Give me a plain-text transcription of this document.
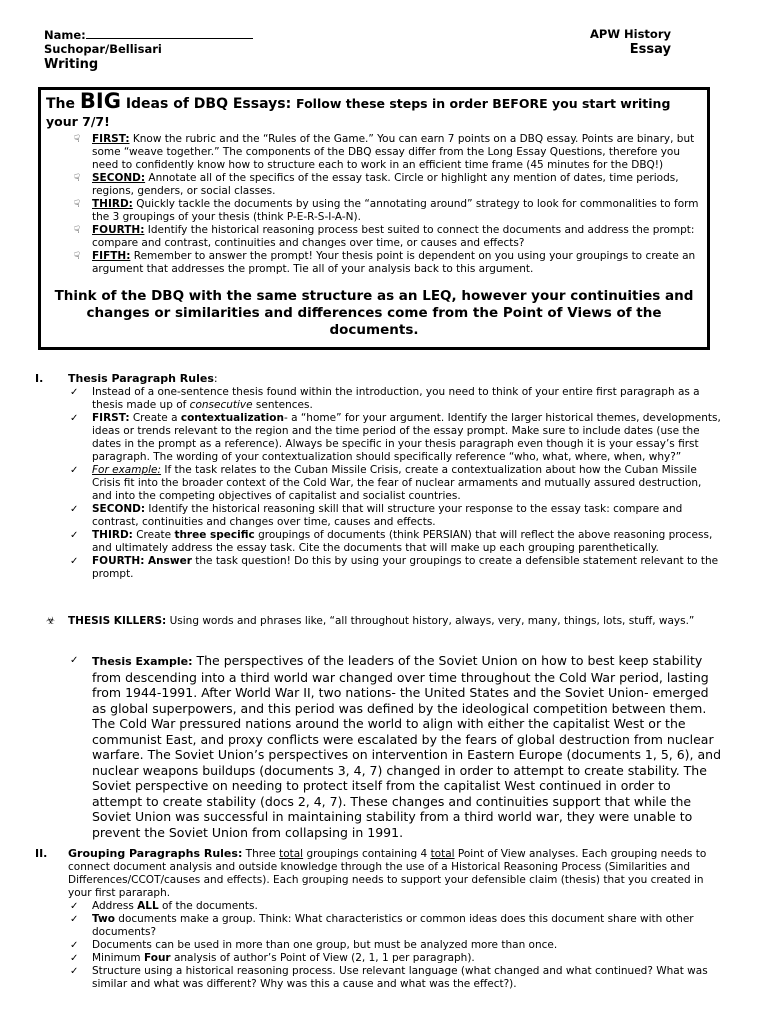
Name:
Suchopar/Bellisari
Writing
APW History
Essay
The BIG Ideas of DBQ Essays: Follow these steps in order BEFORE you start writing your 7/7!
☟ FIRST: Know the rubric and the “Rules of the Game.” You can earn 7 points on a DBQ essay. Points are binary, but some “weave together.” The components of the DBQ essay differ from the Long Essay Questions, therefore you need to confidently know how to structure each to work in an efficient time frame (45 minutes for the DBQ!)
☟ SECOND: Annotate all of the specifics of the essay task. Circle or highlight any mention of dates, time periods, regions, genders, or social classes.
☟ THIRD: Quickly tackle the documents by using the “annotating around” strategy to look for commonalities to form the 3 groupings of your thesis (think P-E-R-S-I-A-N).
☟ FOURTH: Identify the historical reasoning process best suited to connect the documents and address the prompt: compare and contrast, continuities and changes over time, or causes and effects?
☟ FIFTH: Remember to answer the prompt! Your thesis point is dependent on you using your groupings to create an argument that addresses the prompt. Tie all of your analysis back to this argument.
Think of the DBQ with the same structure as an LEQ, however your continuities and changes or similarities and differences come from the Point of Views of the documents.
I. Thesis Paragraph Rules:
✓ Instead of a one-sentence thesis found within the introduction, you need to think of your entire first paragraph as a thesis made up of consecutive sentences.
✓ FIRST: Create a contextualization- a “home” for your argument. Identify the larger historical themes, developments, ideas or trends relevant to the region and the time period of the essay prompt. Make sure to include dates (use the dates in the prompt as a reference). Always be specific in your thesis paragraph even though it is your essay’s first paragraph. The wording of your contextualization should specifically reference “who, what, where, when, why?”
✓ For example: If the task relates to the Cuban Missile Crisis, create a contextualization about how the Cuban Missile Crisis fit into the broader context of the Cold War, the fear of nuclear armaments and mutually assured destruction, and into the competing objectives of capitalist and socialist countries.
✓ SECOND: Identify the historical reasoning skill that will structure your response to the essay task: compare and contrast, continuities and changes over time, causes and effects.
✓ THIRD: Create three specific groupings of documents (think PERSIAN) that will reflect the above reasoning process, and ultimately address the essay task. Cite the documents that will make up each grouping parenthetically.
✓ FOURTH: Answer the task question! Do this by using your groupings to create a defensible statement relevant to the prompt.
☣	THESIS KILLERS: Using words and phrases like, “all throughout history, always, very, many, things, lots, stuff, ways.”
✓ Thesis Example: The perspectives of the leaders of the Soviet Union on how to best keep stability from descending into a third world war changed over time throughout the Cold War period, lasting from 1944-1991. After World War II, two nations- the United States and the Soviet Union- emerged as global superpowers, and this period was defined by the ideological competition between them. The Cold War pressured nations around the world to align with either the capitalist West or the communist East, and proxy conflicts were escalated by the fears of global destruction from nuclear warfare. The Soviet Union’s perspectives on intervention in Eastern Europe (documents 1, 5, 6), and nuclear weapons buildups (documents 3, 4, 7) changed in order to attempt to create stability. The Soviet perspective on needing to protect itself from the capitalist West continued in order to attempt to create stability (docs 2, 4, 7). These changes and continuities support that while the Soviet Union was successful in maintaining stability from a third world war, they were unable to prevent the Soviet Union from collapsing in 1991.
II. Grouping Paragraphs Rules: Three total groupings containing 4 total Point of View analyses. Each grouping needs to connect document analysis and outside knowledge through the use of a Historical Reasoning Process (Similarities and Differences/CCOT/causes and effects). Each grouping needs to support your defensible claim (thesis) that you created in your first pararaph.
✓ Address ALL of the documents.
✓ Two documents make a group. Think: What characteristics or common ideas does this document share with other documents?
✓ Documents can be used in more than one group, but must be analyzed more than once.
✓ Minimum Four analysis of author’s Point of View (2, 1, 1 per paragraph).
✓ Structure using a historical reasoning process. Use relevant language (what changed and what continued? What was similar and what was different? Why was this a cause and what was the effect?).
